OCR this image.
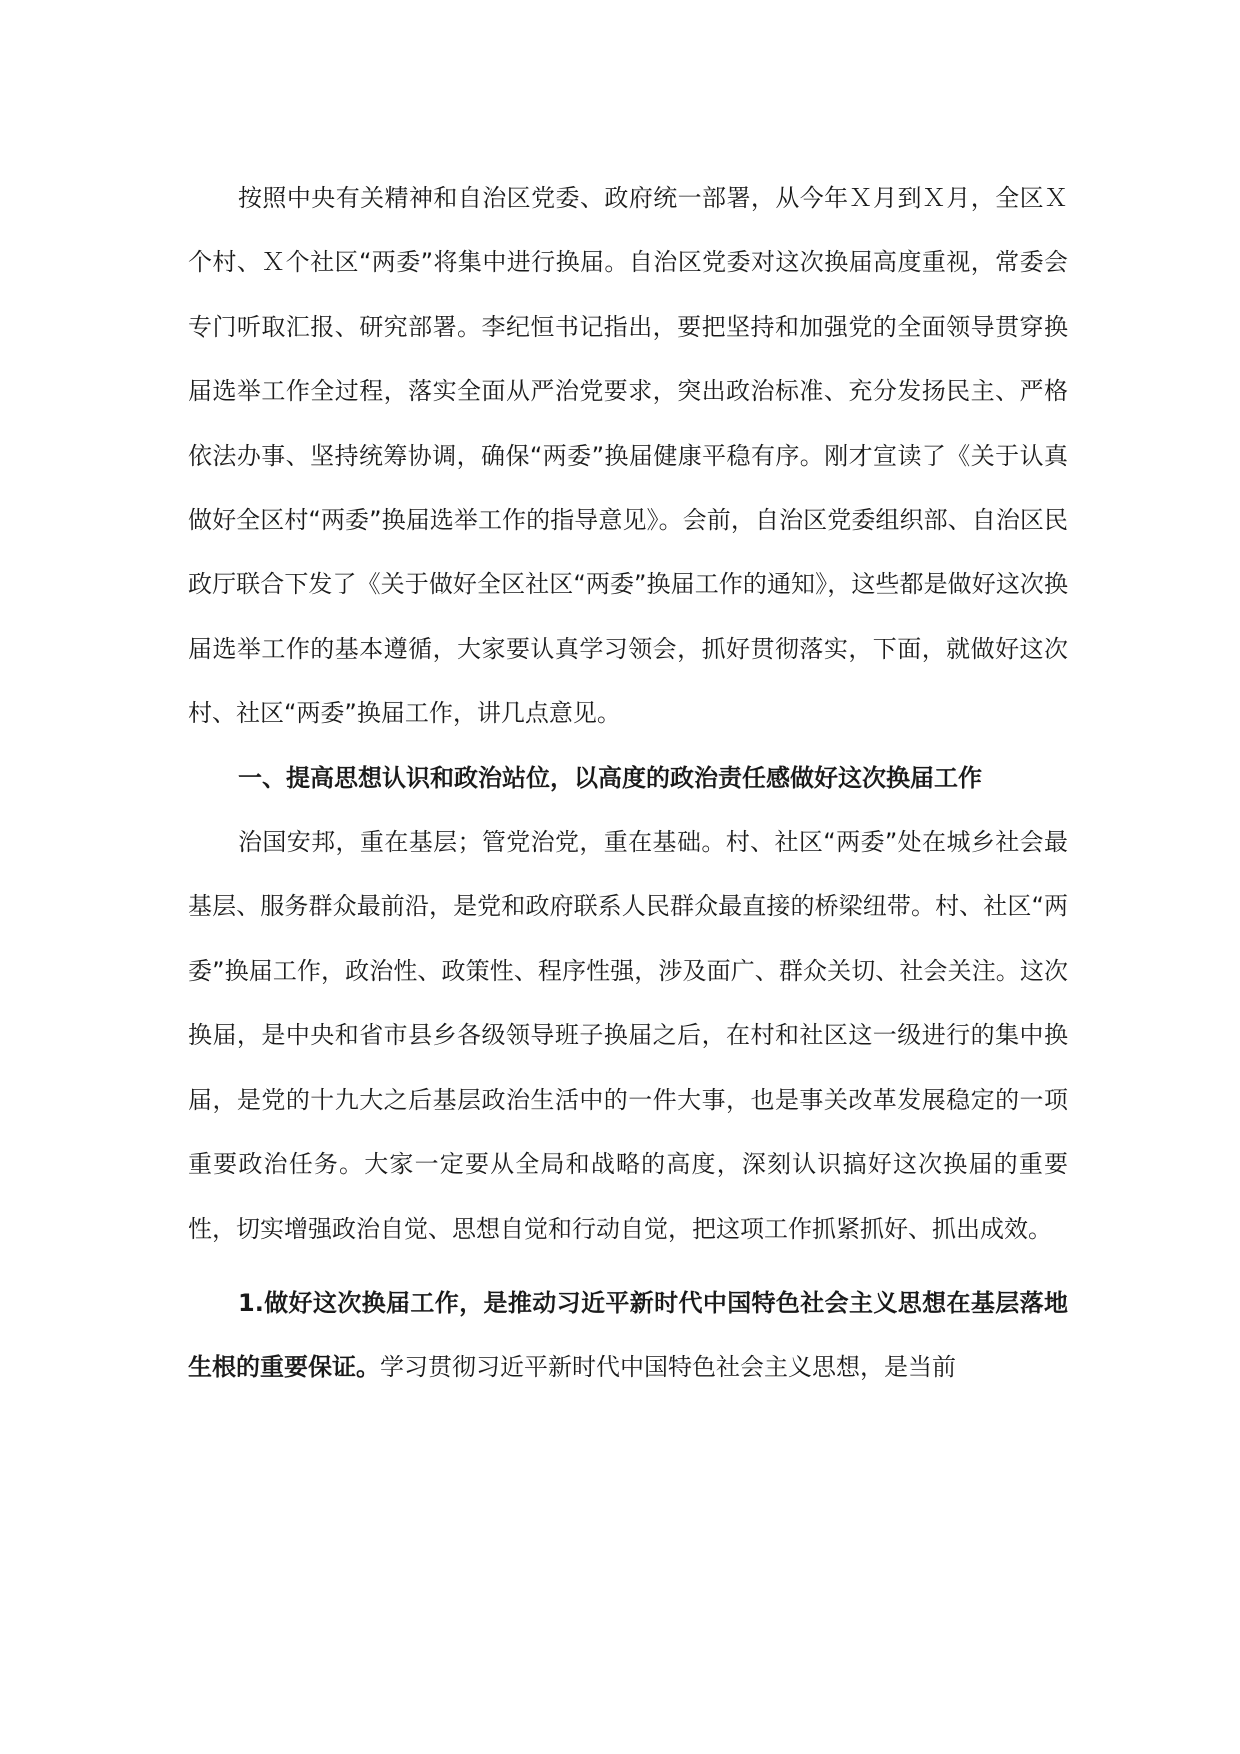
按照中央有关精神和自治区党委、政府统一部署，从今年Ｘ月到Ｘ月，全区Ｘ个村、Ｘ个社区“两委”将集中进行换届。自治区党委对这次换届高度重视，常委会专门听取汇报、研究部署。李纪恒书记指出，要把坚持和加强党的全面领导贯穿换届选举工作全过程，落实全面从严治党要求，突出政治标准、充分发扬民主、严格依法办事、坚持统筹协调，确保“两委”换届健康平稳有序。刚才宣读了《关于认真做好全区村“两委”换届选举工作的指导意见》。会前，自治区党委组织部、自治区民政厅联合下发了《关于做好全区社区“两委”换届工作的通知》，这些都是做好这次换届选举工作的基本遵循，大家要认真学习领会，抓好贯彻落实，下面，就做好这次村、社区“两委”换届工作，讲几点意见。

一、提高思想认识和政治站位，以高度的政治责任感做好这次换届工作

治国安邦，重在基层；管党治党，重在基础。村、社区“两委”处在城乡社会最基层、服务群众最前沿，是党和政府联系人民群众最直接的桥梁纽带。村、社区“两委”换届工作，政治性、政策性、程序性强，涉及面广、群众关切、社会关注。这次换届，是中央和省市县乡各级领导班子换届之后，在村和社区这一级进行的集中换届，是党的十九大之后基层政治生活中的一件大事，也是事关改革发展稳定的一项重要政治任务。大家一定要从全局和战略的高度，深刻认识搞好这次换届的重要性，切实增强政治自觉、思想自觉和行动自觉，把这项工作抓紧抓好、抓出成效。

1.做好这次换届工作，是推动习近平新时代中国特色社会主义思想在基层落地生根的重要保证。学习贯彻习近平新时代中国特色社会主义思想，是当前
